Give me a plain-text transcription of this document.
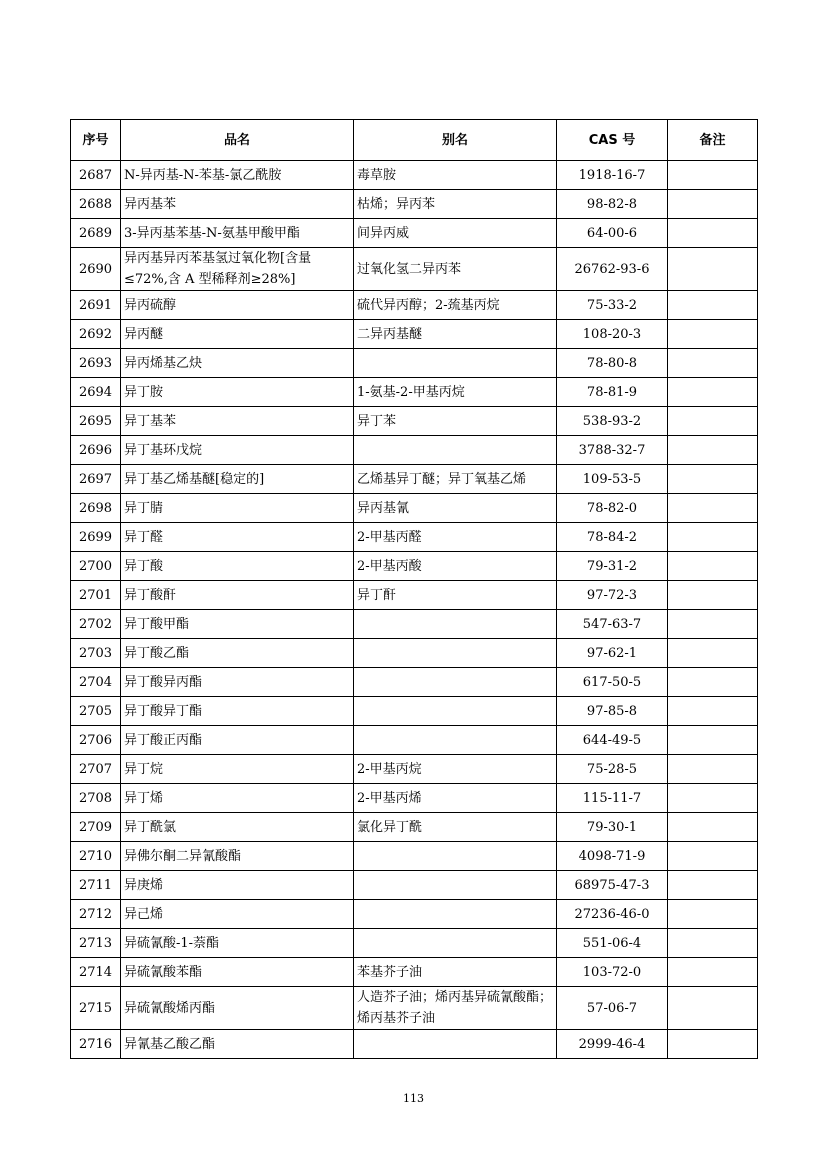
序号	品名	别名	CAS 号	备注
2687	N-异丙基-N-苯基-氯乙酰胺	毒草胺	1918-16-7	
2688	异丙基苯	枯烯；异丙苯	98-82-8	
2689	3-异丙基苯基-N-氨基甲酸甲酯	间异丙威	64-00-6	
2690	异丙基异丙苯基氢过氧化物[含量≤72%,含 A 型稀释剂≥28%]	过氧化氢二异丙苯	26762-93-6	
2691	异丙硫醇	硫代异丙醇；2-巯基丙烷	75-33-2	
2692	异丙醚	二异丙基醚	108-20-3	
2693	异丙烯基乙炔		78-80-8	
2694	异丁胺	1-氨基-2-甲基丙烷	78-81-9	
2695	异丁基苯	异丁苯	538-93-2	
2696	异丁基环戊烷		3788-32-7	
2697	异丁基乙烯基醚[稳定的]	乙烯基异丁醚；异丁氧基乙烯	109-53-5	
2698	异丁腈	异丙基氰	78-82-0	
2699	异丁醛	2-甲基丙醛	78-84-2	
2700	异丁酸	2-甲基丙酸	79-31-2	
2701	异丁酸酐	异丁酐	97-72-3	
2702	异丁酸甲酯		547-63-7	
2703	异丁酸乙酯		97-62-1	
2704	异丁酸异丙酯		617-50-5	
2705	异丁酸异丁酯		97-85-8	
2706	异丁酸正丙酯		644-49-5	
2707	异丁烷	2-甲基丙烷	75-28-5	
2708	异丁烯	2-甲基丙烯	115-11-7	
2709	异丁酰氯	氯化异丁酰	79-30-1	
2710	异佛尔酮二异氰酸酯		4098-71-9	
2711	异庚烯		68975-47-3	
2712	异己烯		27236-46-0	
2713	异硫氰酸-1-萘酯		551-06-4	
2714	异硫氰酸苯酯	苯基芥子油	103-72-0	
2715	异硫氰酸烯丙酯	人造芥子油；烯丙基异硫氰酸酯；烯丙基芥子油	57-06-7	
2716	异氰基乙酸乙酯		2999-46-4	
113
